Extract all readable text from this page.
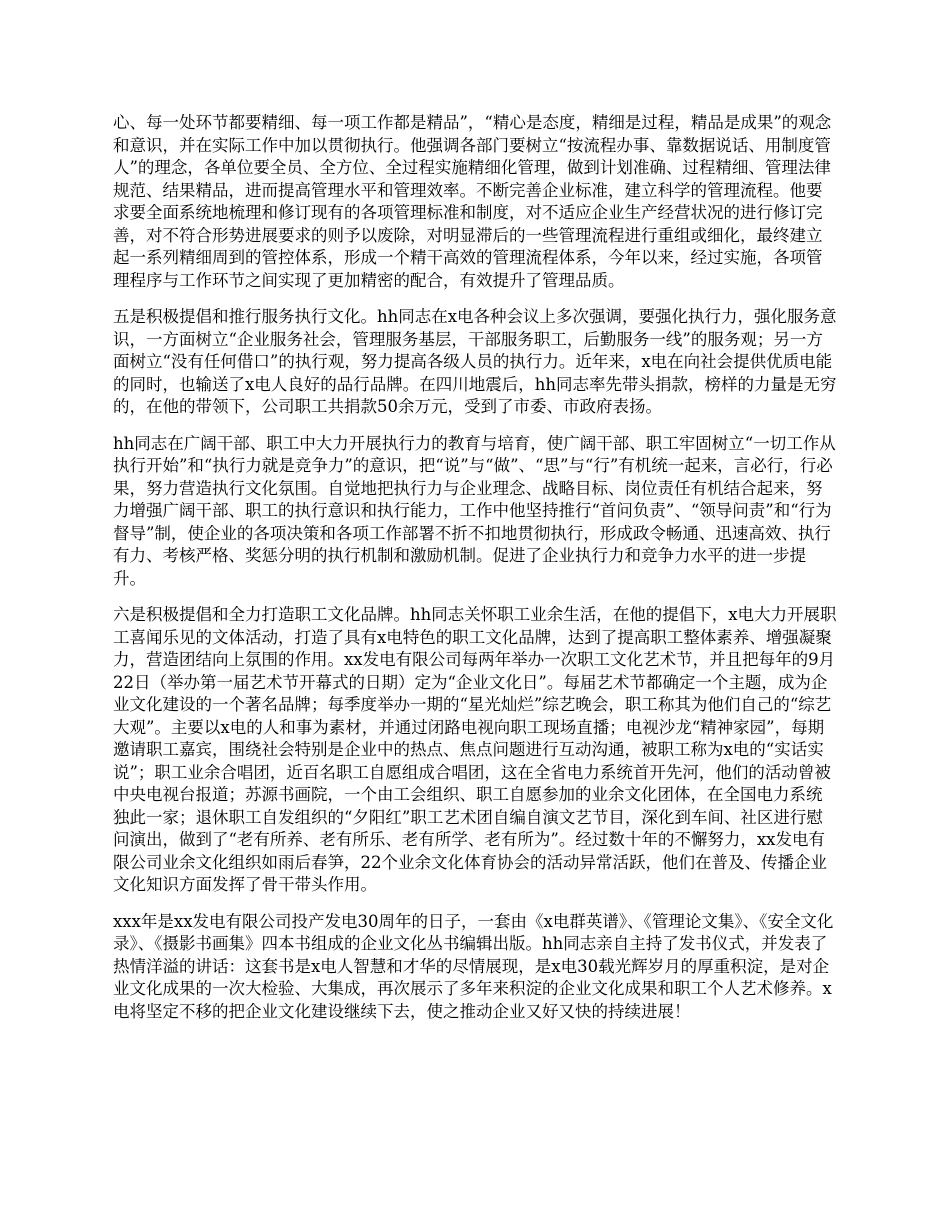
心、每一处环节都要精细、每一项工作都是精品”，“精心是态度，精细是过程，精品是成果”的观念和意识，并在实际工作中加以贯彻执行。他强调各部门要树立“按流程办事、靠数据说话、用制度管人”的理念，各单位要全员、全方位、全过程实施精细化管理，做到计划准确、过程精细、管理法律规范、结果精品，进而提高管理水平和管理效率。不断完善企业标准，建立科学的管理流程。他要求要全面系统地梳理和修订现有的各项管理标准和制度，对不适应企业生产经营状况的进行修订完善，对不符合形势进展要求的则予以废除，对明显滞后的一些管理流程进行重组或细化，最终建立起一系列精细周到的管控体系，形成一个精干高效的管理流程体系，今年以来，经过实施，各项管理程序与工作环节之间实现了更加精密的配合，有效提升了管理品质。

五是积极提倡和推行服务执行文化。hh同志在x电各种会议上多次强调，要强化执行力，强化服务意识，一方面树立“企业服务社会，管理服务基层，干部服务职工，后勤服务一线”的服务观；另一方面树立“没有任何借口”的执行观，努力提高各级人员的执行力。近年来，x电在向社会提供优质电能的同时，也输送了x电人良好的品行品牌。在四川地震后，hh同志率先带头捐款，榜样的力量是无穷的，在他的带领下，公司职工共捐款50余万元，受到了市委、市政府表扬。

hh同志在广阔干部、职工中大力开展执行力的教育与培育，使广阔干部、职工牢固树立“一切工作从执行开始”和“执行力就是竞争力”的意识，把“说”与“做”、“思”与“行”有机统一起来，言必行，行必果，努力营造执行文化氛围。自觉地把执行力与企业理念、战略目标、岗位责任有机结合起来，努力增强广阔干部、职工的执行意识和执行能力，工作中他坚持推行“首问负责”、“领导问责”和“行为督导”制，使企业的各项决策和各项工作部署不折不扣地贯彻执行，形成政令畅通、迅速高效、执行有力、考核严格、奖惩分明的执行机制和激励机制。促进了企业执行力和竞争力水平的进一步提升。

六是积极提倡和全力打造职工文化品牌。hh同志关怀职工业余生活，在他的提倡下，x电大力开展职工喜闻乐见的文体活动，打造了具有x电特色的职工文化品牌，达到了提高职工整体素养、增强凝聚力，营造团结向上氛围的作用。xx发电有限公司每两年举办一次职工文化艺术节，并且把每年的9月22日（举办第一届艺术节开幕式的日期）定为“企业文化日”。每届艺术节都确定一个主题，成为企业文化建设的一个著名品牌；每季度举办一期的“星光灿烂”综艺晚会，职工称其为他们自己的“综艺大观”。主要以x电的人和事为素材，并通过闭路电视向职工现场直播；电视沙龙“精神家园”，每期邀请职工嘉宾，围绕社会特别是企业中的热点、焦点问题进行互动沟通，被职工称为x电的“实话实说”；职工业余合唱团，近百名职工自愿组成合唱团，这在全省电力系统首开先河，他们的活动曾被中央电视台报道；苏源书画院，一个由工会组织、职工自愿参加的业余文化团体，在全国电力系统独此一家；退休职工自发组织的“夕阳红”职工艺术团自编自演文艺节目，深化到车间、社区进行慰问演出，做到了“老有所养、老有所乐、老有所学、老有所为”。经过数十年的不懈努力，xx发电有限公司业余文化组织如雨后春笋，22个业余文化体育协会的活动异常活跃，他们在普及、传播企业文化知识方面发挥了骨干带头作用。

xxx年是xx发电有限公司投产发电30周年的日子，一套由《x电群英谱》、《管理论文集》、《安全文化录》、《摄影书画集》四本书组成的企业文化丛书编辑出版。hh同志亲自主持了发书仪式，并发表了热情洋溢的讲话：这套书是x电人智慧和才华的尽情展现，是x电30载光辉岁月的厚重积淀，是对企业文化成果的一次大检验、大集成，再次展示了多年来积淀的企业文化成果和职工个人艺术修养。x电将坚定不移的把企业文化建设继续下去，使之推动企业又好又快的持续进展！
